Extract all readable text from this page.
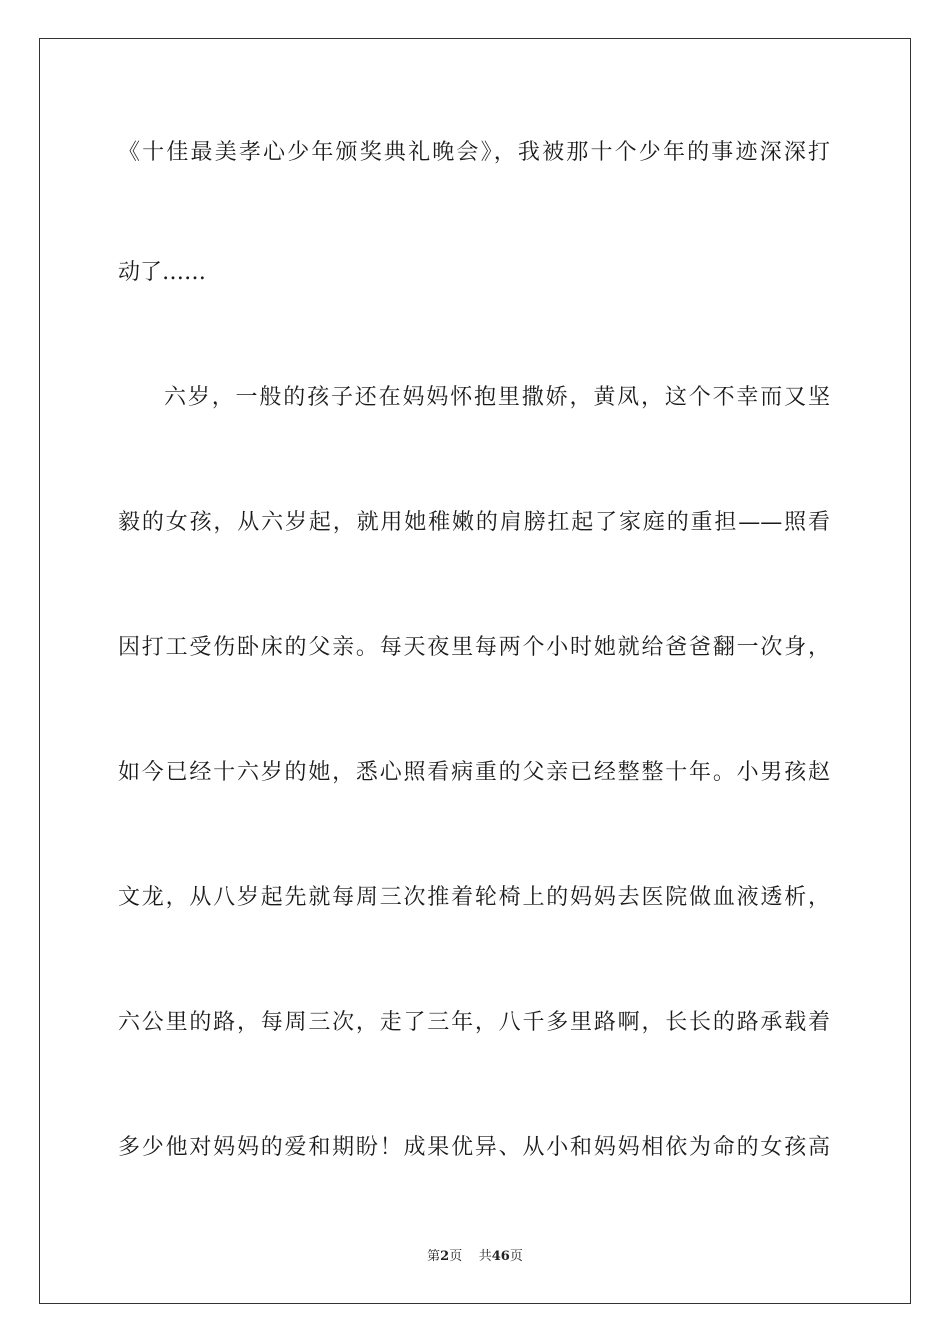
《十佳最美孝心少年颁奖典礼晚会》，我被那十个少年的事迹深深打
动了……
六岁，一般的孩子还在妈妈怀抱里撒娇，黄凤，这个不幸而又坚
毅的女孩，从六岁起，就用她稚嫩的肩膀扛起了家庭的重担——照看
因打工受伤卧床的父亲。每天夜里每两个小时她就给爸爸翻一次身，
如今已经十六岁的她，悉心照看病重的父亲已经整整十年。小男孩赵
文龙，从八岁起先就每周三次推着轮椅上的妈妈去医院做血液透析，
六公里的路，每周三次，走了三年，八千多里路啊，长长的路承载着
多少他对妈妈的爱和期盼！成果优异、从小和妈妈相依为命的女孩高
第2页 共46页
